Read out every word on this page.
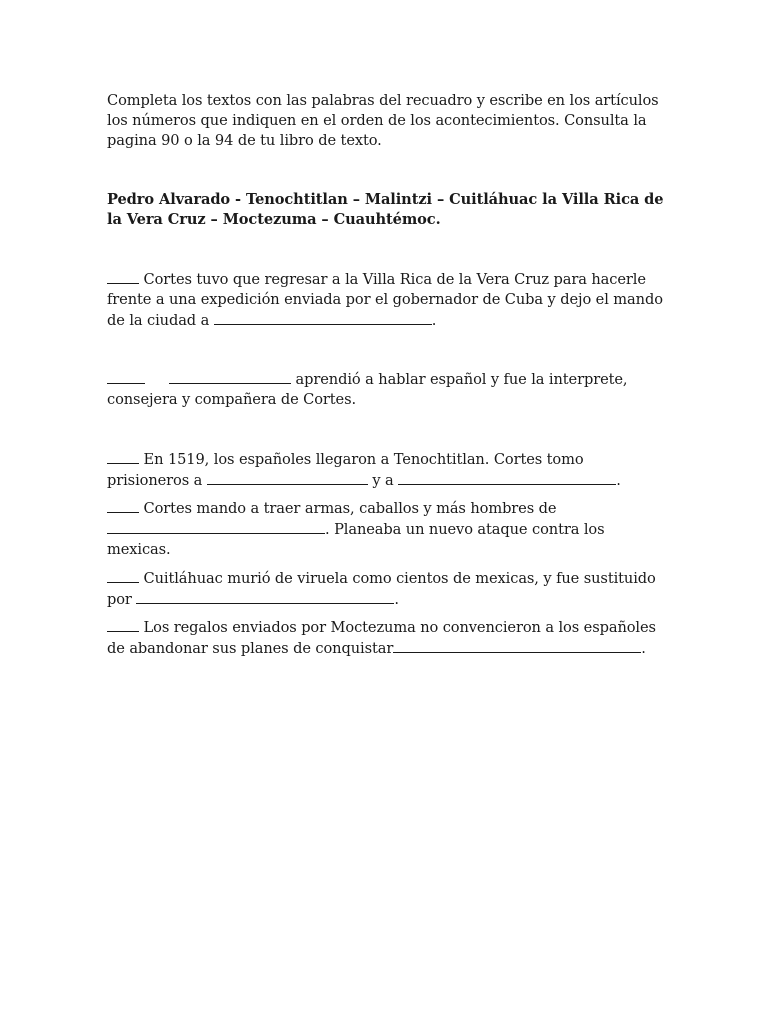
Completa los textos con las palabras del recuadro y escribe en los artículos los números que indiquen en el orden de los acontecimientos. Consulta la pagina 90 o la 94 de tu libro de texto.

Pedro Alvarado - Tenochtitlan – Malintzi – Cuitláhuac la Villa Rica de la Vera Cruz – Moctezuma – Cuauhtémoc.

Cortes tuvo que regresar a la Villa Rica de la Vera Cruz para hacerle frente a una expedición enviada por el gobernador de Cuba y dejo el mando de la ciudad a	.

aprendió a hablar español y fue la interprete, consejera y compañera de Cortes.

En 1519, los españoles llegaron a Tenochtitlan. Cortes tomo prisioneros a	y a	.

Cortes mando a traer armas, caballos y más hombres de . Planeaba un nuevo ataque contra los mexicas.

Cuitláhuac murió de viruela como cientos de mexicas, y fue sustituido por	.

Los regalos enviados por Moctezuma no convencieron a los españoles de abandonar sus planes de conquistar	.
